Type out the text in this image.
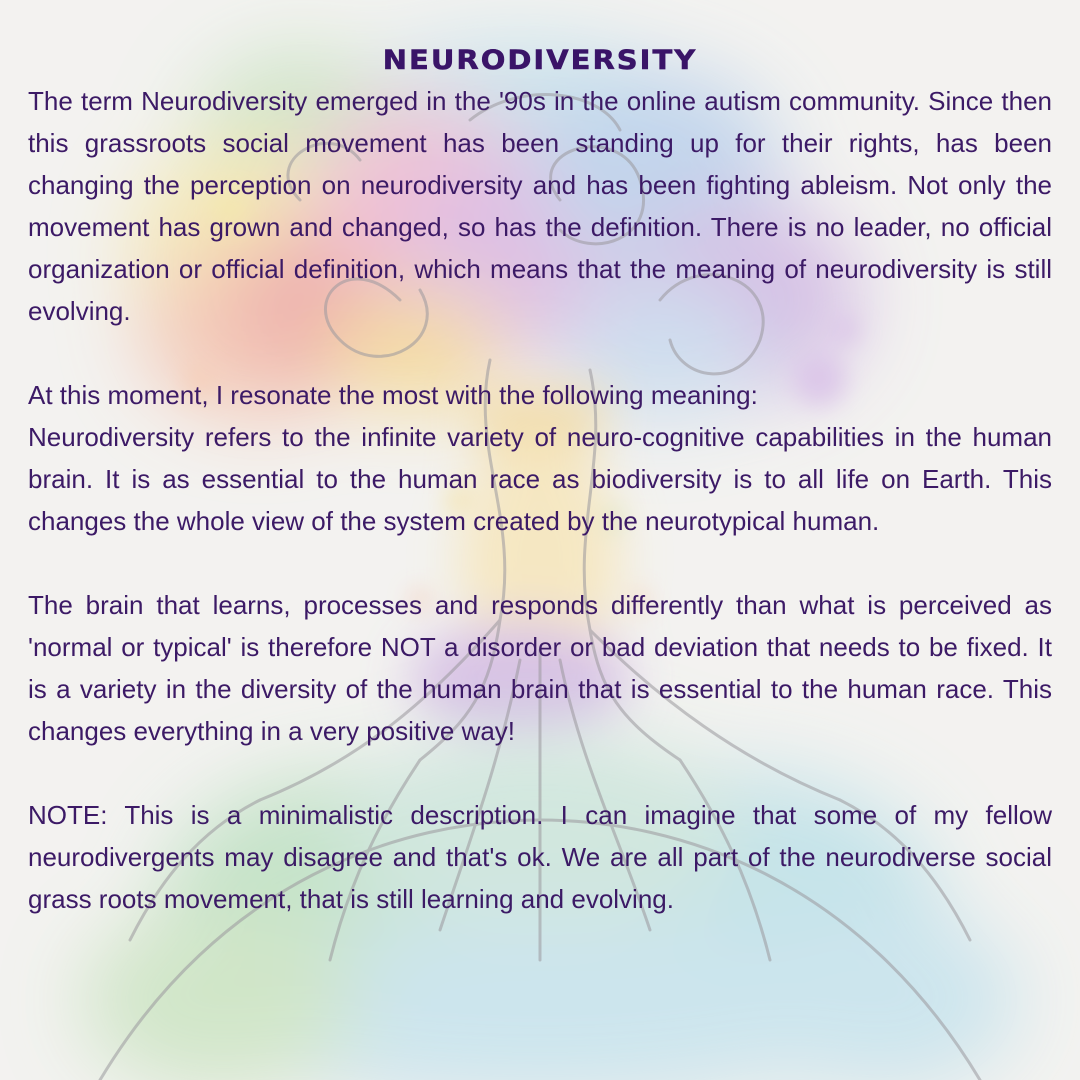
NEURODIVERSITY

The term Neurodiversity emerged in the '90s in the online autism community. Since then this grassroots social movement has been standing up for their rights, has been changing the perception on neurodiversity and has been fighting ableism. Not only the movement has grown and changed, so has the definition. There is no leader, no official organization or official definition, which means that the meaning of neurodiversity is still evolving.

At this moment, I resonate the most with the following meaning:

Neurodiversity refers to the infinite variety of neuro-cognitive capabilities in the human brain. It is as essential to the human race as biodiversity is to all life on Earth. This changes the whole view of the system created by the neurotypical human.

The brain that learns, processes and responds differently than what is perceived as 'normal or typical' is therefore NOT a disorder or bad deviation that needs to be fixed. It is a variety in the diversity of the human brain that is essential to the human race. This changes everything in a very positive way!

NOTE: This is a minimalistic description. I can imagine that some of my fellow neurodivergents may disagree and that's ok. We are all part of the neurodiverse social grass roots movement, that is still learning and evolving.
